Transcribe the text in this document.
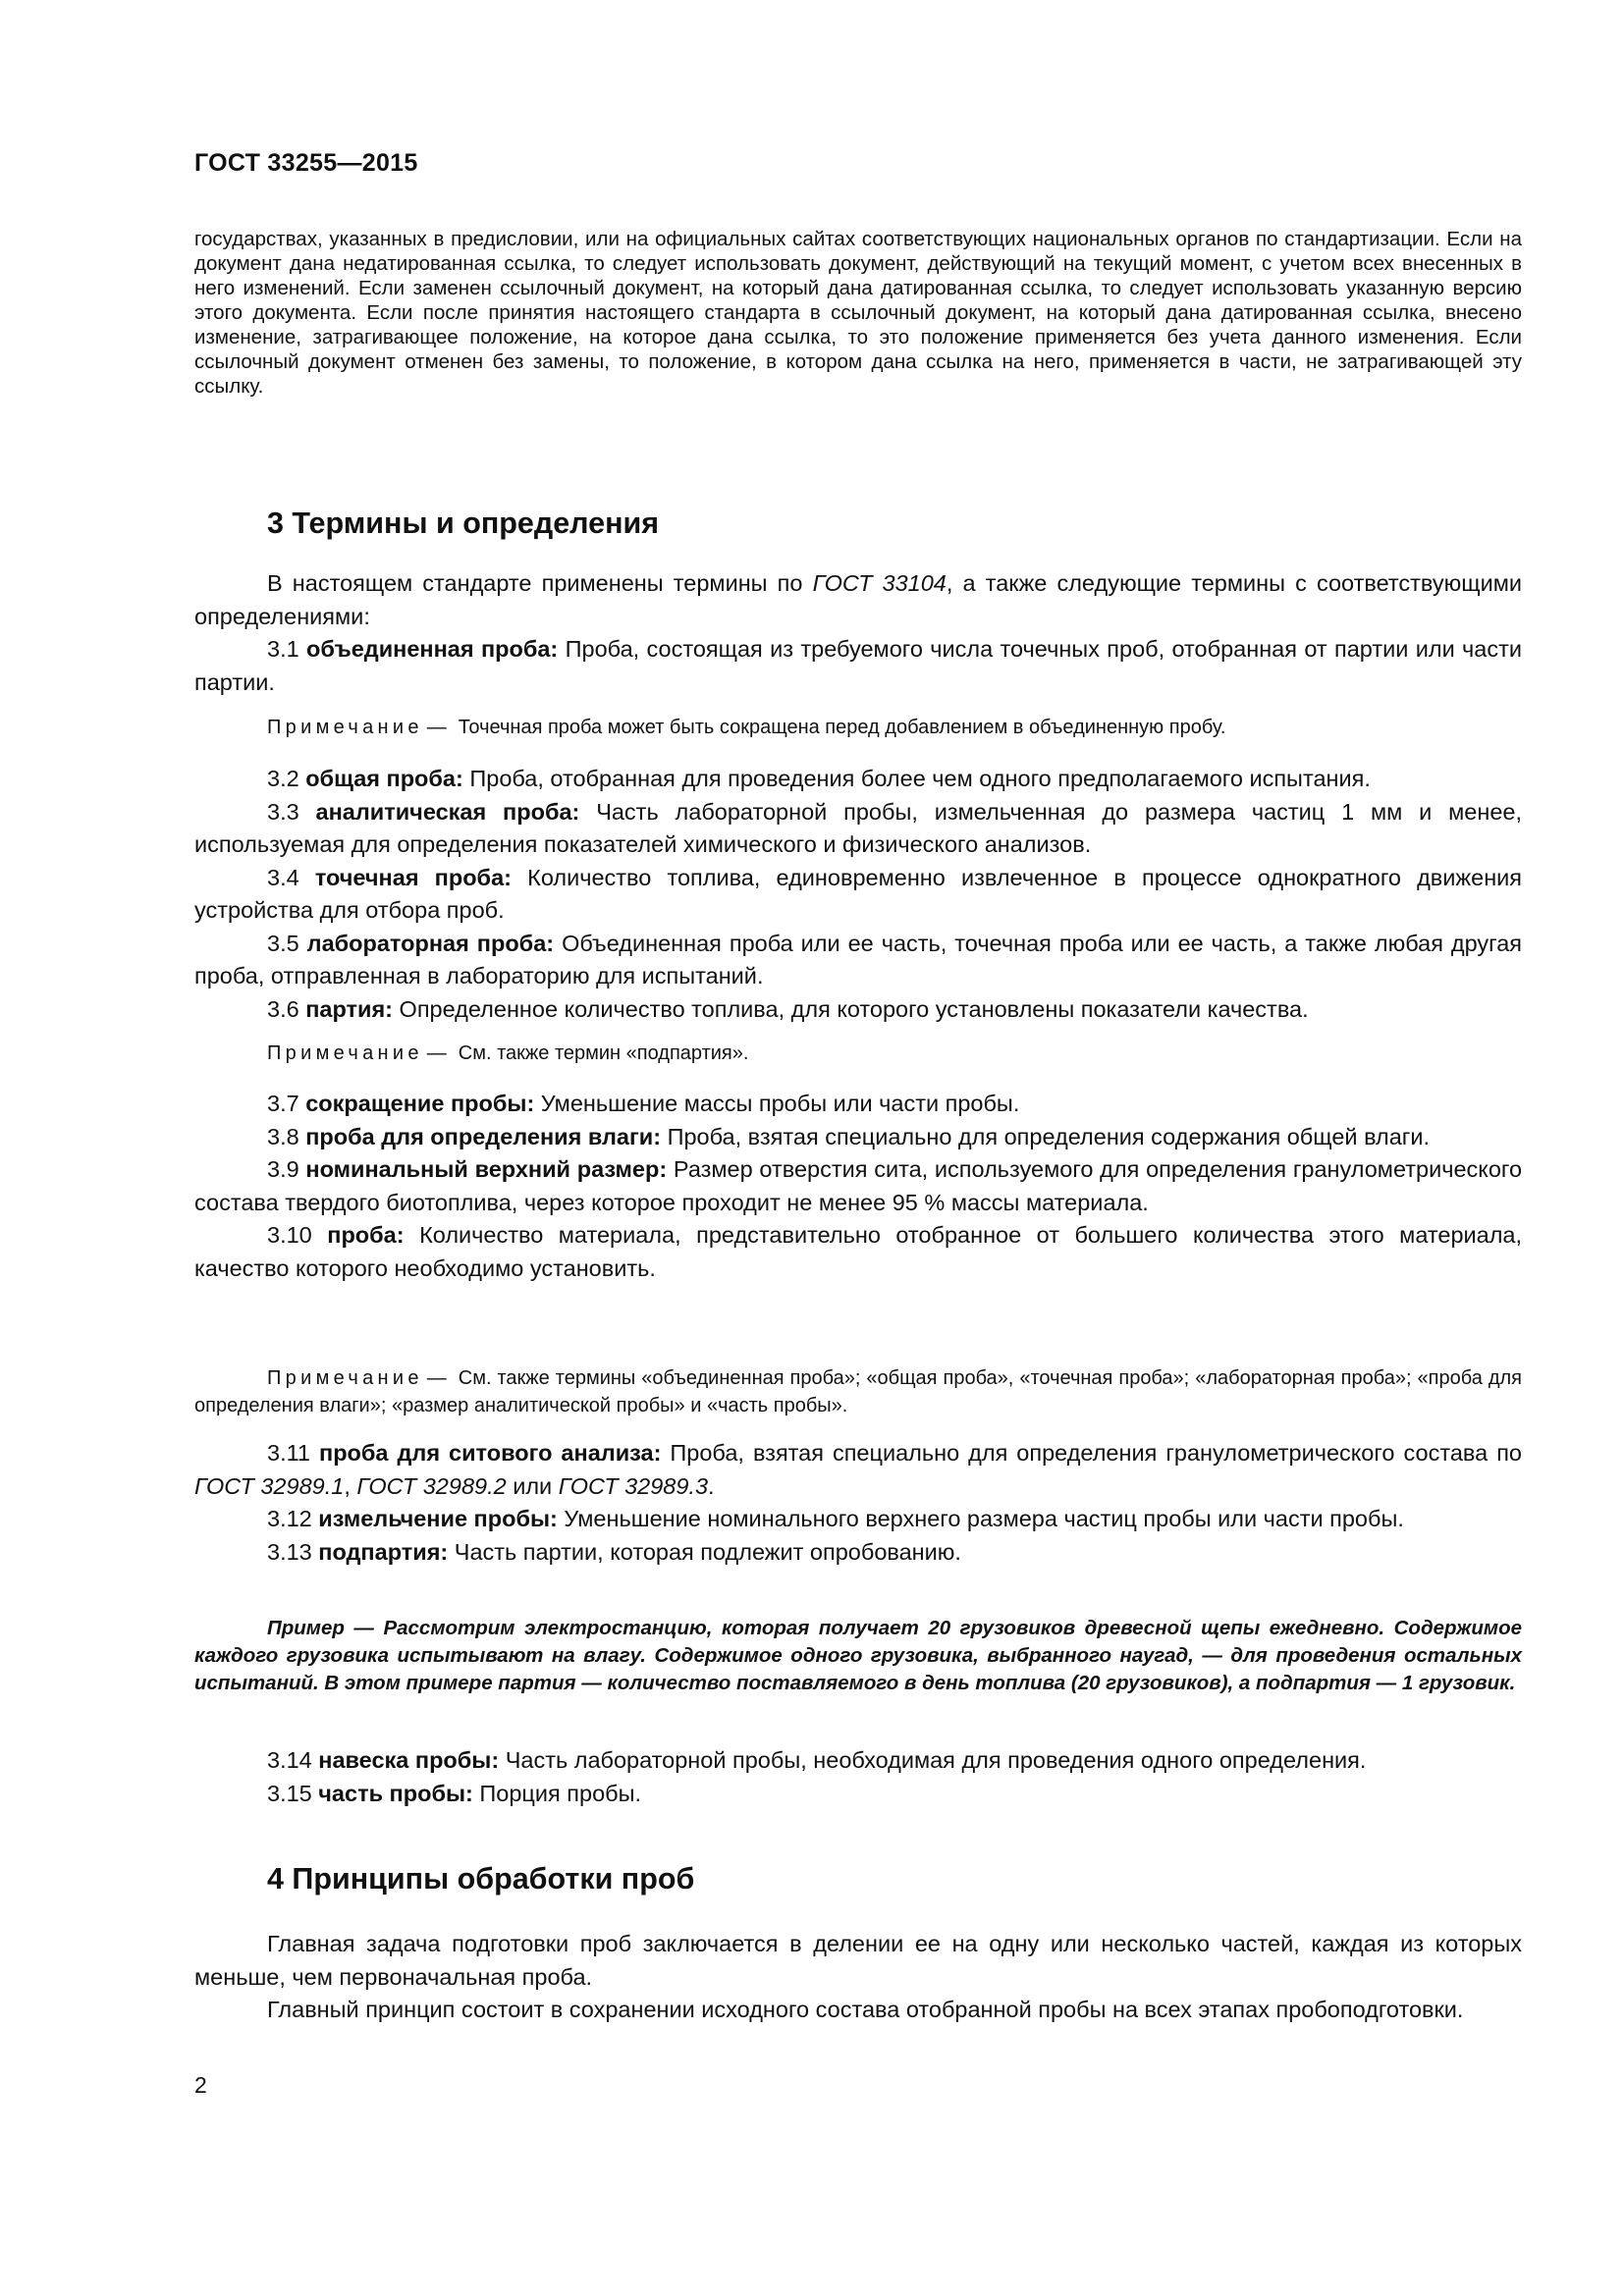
ГОСТ 33255—2015
государствах, указанных в предисловии, или на официальных сайтах соответствующих национальных органов по стандартизации. Если на документ дана недатированная ссылка, то следует использовать документ, действующий на текущий момент, с учетом всех внесенных в него изменений. Если заменен ссылочный документ, на который дана датированная ссылка, то следует использовать указанную версию этого документа. Если после принятия настоящего стандарта в ссылочный документ, на который дана датированная ссылка, внесено изменение, затрагивающее положение, на которое дана ссылка, то это положение применяется без учета данного изменения. Если ссылочный документ отменен без замены, то положение, в котором дана ссылка на него, применяется в части, не затрагивающей эту ссылку.
3 Термины и определения
В настоящем стандарте применены термины по ГОСТ 33104, а также следующие термины с соответствующими определениями:
3.1 объединенная проба: Проба, состоящая из требуемого числа точечных проб, отобранная от партии или части партии.
Примечание — Точечная проба может быть сокращена перед добавлением в объединенную пробу.
3.2 общая проба: Проба, отобранная для проведения более чем одного предполагаемого испытания.
3.3 аналитическая проба: Часть лабораторной пробы, измельченная до размера частиц 1 мм и менее, используемая для определения показателей химического и физического анализов.
3.4 точечная проба: Количество топлива, единовременно извлеченное в процессе однократного движения устройства для отбора проб.
3.5 лабораторная проба: Объединенная проба или ее часть, точечная проба или ее часть, а также любая другая проба, отправленная в лабораторию для испытаний.
3.6 партия: Определенное количество топлива, для которого установлены показатели качества.
Примечание — См. также термин «подпартия».
3.7 сокращение пробы: Уменьшение массы пробы или части пробы.
3.8 проба для определения влаги: Проба, взятая специально для определения содержания общей влаги.
3.9 номинальный верхний размер: Размер отверстия сита, используемого для определения гранулометрического состава твердого биотоплива, через которое проходит не менее 95 % массы материала.
3.10 проба: Количество материала, представительно отобранное от большего количества этого материала, качество которого необходимо установить.
Примечание — См. также термины «объединенная проба»; «общая проба», «точечная проба»; «лабораторная проба»; «проба для определения влаги»; «размер аналитической пробы» и «часть пробы».
3.11 проба для ситового анализа: Проба, взятая специально для определения гранулометрического состава по ГОСТ 32989.1, ГОСТ 32989.2 или ГОСТ 32989.3.
3.12 измельчение пробы: Уменьшение номинального верхнего размера частиц пробы или части пробы.
3.13 подпартия: Часть партии, которая подлежит опробованию.
Пример — Рассмотрим электростанцию, которая получает 20 грузовиков древесной щепы ежедневно. Содержимое каждого грузовика испытывают на влагу. Содержимое одного грузовика, выбранного наугад, — для проведения остальных испытаний. В этом примере партия — количество поставляемого в день топлива (20 грузовиков), а подпартия — 1 грузовик.
3.14 навеска пробы: Часть лабораторной пробы, необходимая для проведения одного определения.
3.15 часть пробы: Порция пробы.
4 Принципы обработки проб
Главная задача подготовки проб заключается в делении ее на одну или несколько частей, каждая из которых меньше, чем первоначальная проба.
Главный принцип состоит в сохранении исходного состава отобранной пробы на всех этапах пробоподготовки.
2
